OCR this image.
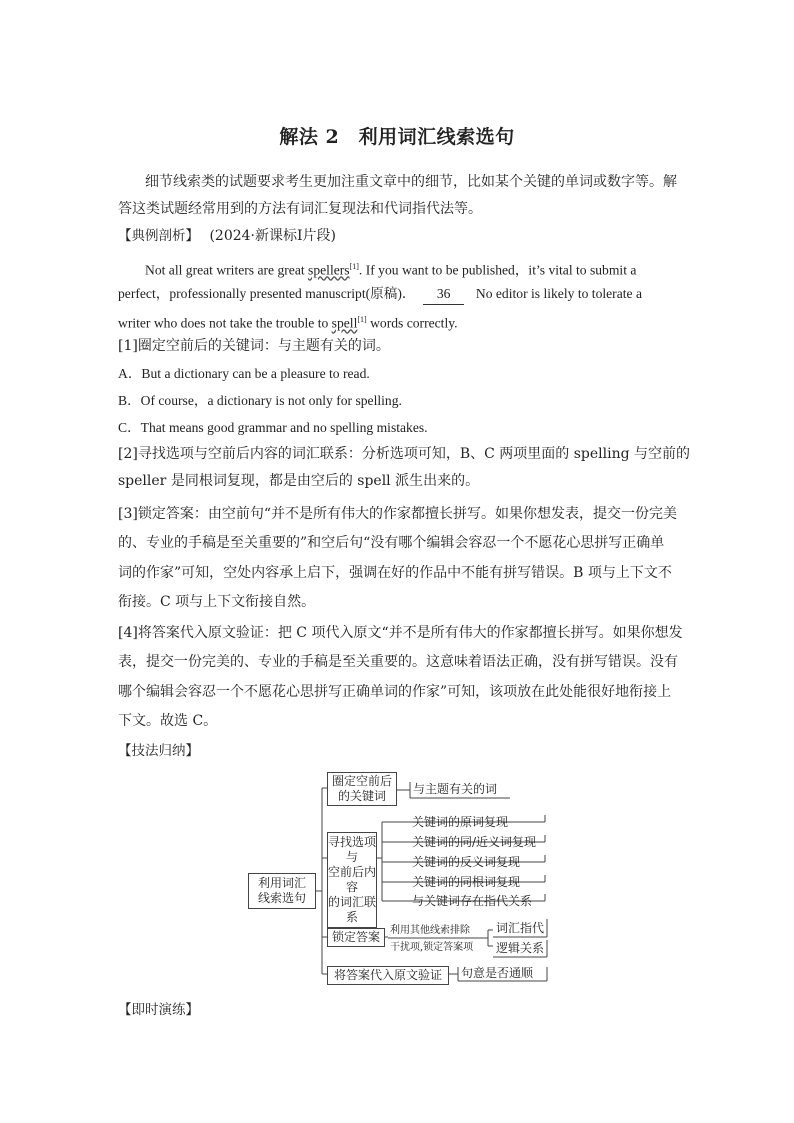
解法 2　利用词汇线索选句
细节线索类的试题要求考生更加注重文章中的细节，比如某个关键的单词或数字等。解
答这类试题经常用到的方法有词汇复现法和代词指代法等。
【典例剖析】 (2024·新课标Ⅰ片段)
Not all great writers are great spellers[1]. If you want to be published，it’s vital to submit a
perfect，professionally presented manuscript(原稿)． 36 No editor is likely to tolerate a
writer who does not take the trouble to spell[1] words correctly.
[1]圈定空前后的关键词：与主题有关的词。
A．But a dictionary can be a pleasure to read.
B．Of course，a dictionary is not only for spelling.
C．That means good grammar and no spelling mistakes.
[2]寻找选项与空前后内容的词汇联系：分析选项可知，B、C 两项里面的 spelling 与空前的
speller 是同根词复现，都是由空后的 spell 派生出来的。
[3]锁定答案：由空前句“并不是所有伟大的作家都擅长拼写。如果你想发表，提交一份完美
的、专业的手稿是至关重要的”和空后句“没有哪个编辑会容忍一个不愿花心思拼写正确单
词的作家”可知，空处内容承上启下，强调在好的作品中不能有拼写错误。B 项与上下文不
衔接。C 项与上下文衔接自然。
[4]将答案代入原文验证：把 C 项代入原文“并不是所有伟大的作家都擅长拼写。如果你想发
表，提交一份完美的、专业的手稿是至关重要的。这意味着语法正确，没有拼写错误。没有
哪个编辑会容忍一个不愿花心思拼写正确单词的作家”可知，该项放在此处能很好地衔接上
下文。故选 C。
【技法归纳】
利用词汇
线索选句
圈定空前后
的关键词	与主题有关的词
寻找选项与
空前后内容
的词汇联系
关键词的原词复现
关键词的同/近义词复现
关键词的反义词复现
关键词的同根词复现
与关键词存在指代关系
锁定答案	利用其他线索排除
干扰项,锁定答案项
词汇指代
逻辑关系
将答案代入原文验证	句意是否通顺
【即时演练】
